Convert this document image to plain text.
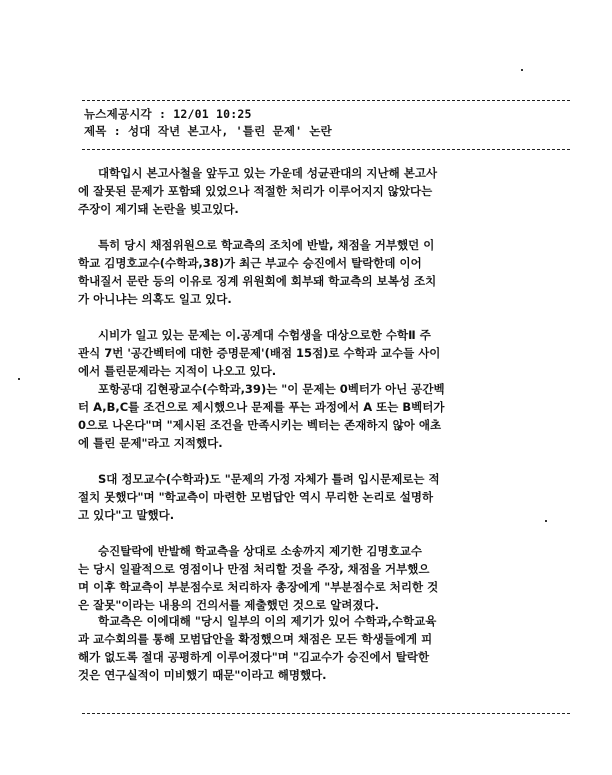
뉴스제공시각 : 12/01 10:25
제목 : 성대 작년 본고사, '틀린 문제' 논란
대학입시 본고사철을 앞두고 있는 가운데 성균관대의 지난해 본고사
에 잘못된 문제가 포함돼 있었으나 적절한 처리가 이루어지지 않았다는
주장이 제기돼 논란을 빚고있다.
특히 당시 채점위원으로 학교측의 조치에 반발, 채점을 거부했던 이
학교 김명호교수(수학과,38)가 최근 부교수 승진에서 탈락한데 이어
학내질서 문란 등의 이유로 징계 위원회에 회부돼 학교측의 보복성 조치
가 아니냐는 의혹도 일고 있다.
시비가 일고 있는 문제는 이.공계대 수험생을 대상으로한 수학Ⅱ 주
관식 7번 '공간벡터에 대한 증명문제'(배점 15점)로 수학과 교수들 사이
에서 틀린문제라는 지적이 나오고 있다.
포항공대 김현광교수(수학과,39)는 "이 문제는 0벡터가 아닌 공간벡
터 A,B,C를 조건으로 제시했으나 문제를 푸는 과정에서 A 또는 B벡터가
0으로 나온다"며 "제시된 조건을 만족시키는 벡터는 존재하지 않아 애초
에 틀린 문제"라고 지적했다.
S대 정모교수(수학과)도 "문제의 가정 자체가 틀려 입시문제로는 적
절치 못했다"며 "학교측이 마련한 모범답안 역시 무리한 논리로 설명하
고 있다"고 말했다.
승진탈락에 반발해 학교측을 상대로 소송까지 제기한 김명호교수
는 당시 일괄적으로 영점이나 만점 처리할 것을 주장, 채점을 거부했으
며 이후 학교측이 부분점수로 처리하자 총장에게 "부분점수로 처리한 것
은 잘못"이라는 내용의 건의서를 제출했던 것으로 알려졌다.
학교측은 이에대해 "당시 일부의 이의 제기가 있어 수학과,수학교육
과 교수회의를 통해 모범답안을 확정했으며 채점은 모든 학생들에게 피
해가 없도록 절대 공평하게 이루어졌다"며 "김교수가 승진에서 탈락한
것은 연구실적이 미비했기 때문"이라고 해명했다.
